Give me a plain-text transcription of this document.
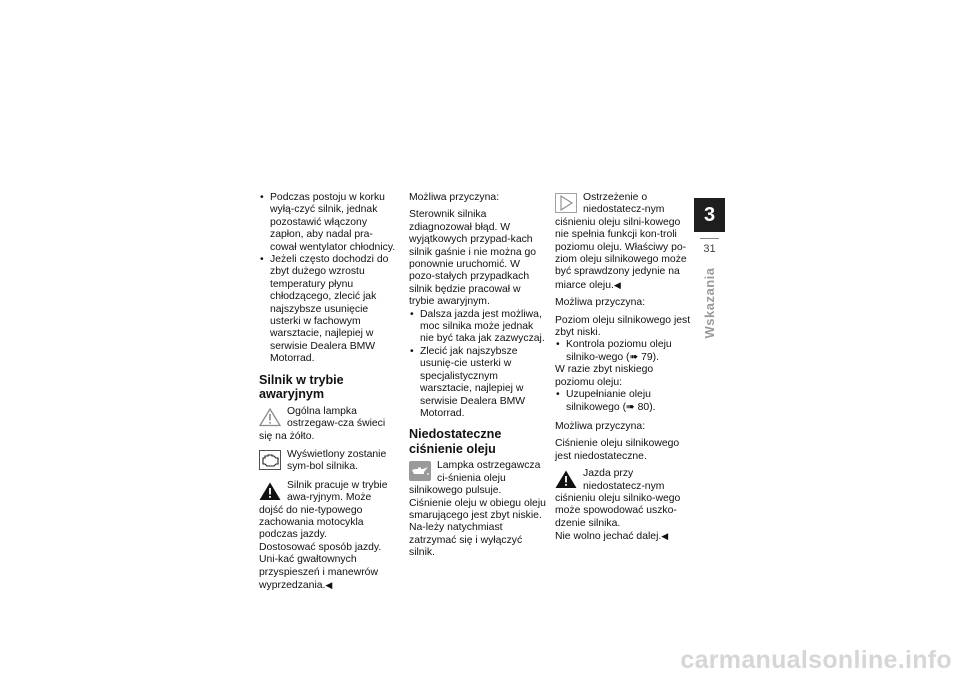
• Podczas postoju w korku wyłą-czyć silnik, jednak pozostawić włączony zapłon, aby nadal pra-cował wentylator chłodnicy.
• Jeżeli często dochodzi do zbyt dużego wzrostu temperatury płynu chłodzącego, zlecić jak najszybsze usunięcie usterki w fachowym warsztacie, najlepiej w serwisie Dealera BMW Motorrad.
Silnik w trybie awaryjnym
Ogólna lampka ostrzegaw-cza świeci się na żółto.
Wyświetlony zostanie sym-bol silnika.
Silnik pracuje w trybie awa-ryjnym. Może dojść do nie-typowego zachowania motocykla podczas jazdy.

Dostosować sposób jazdy. Uni-kać gwałtownych przyspieszeń i manewrów wyprzedzania.◀

Możliwa przyczyna:

Sterownik silnika zdiagnozował błąd. W wyjątkowych przypad-kach silnik gaśnie i nie można go ponownie uruchomić. W pozo-stałych przypadkach silnik będzie pracował w trybie awaryjnym.

• Dalsza jazda jest możliwa, moc silnika może jednak nie być taka jak zazwyczaj.
• Zlecić jak najszybsze usunię-cie usterki w specjalistycznym warsztacie, najlepiej w serwisie Dealera BMW Motorrad.
Niedostateczne ciśnienie oleju
Lampka ostrzegawcza ci-śnienia oleju silnikowego pulsuje.

Ciśnienie oleju w obiegu oleju smarującego jest zbyt niskie. Na-leży natychmiast zatrzymać się i wyłączyć silnik.

Ostrzeżenie o niedostatecz-nym ciśnieniu oleju silni-kowego nie spełnia funkcji kon-troli poziomu oleju. Właściwy po-ziom oleju silnikowego może być sprawdzony jedynie na miarce oleju.◀

Możliwa przyczyna:

Poziom oleju silnikowego jest zbyt niski.

• Kontrola poziomu oleju silniko-wego (➠ 79).

W razie zbyt niskiego poziomu oleju:

• Uzupełnianie oleju silnikowego (➠ 80).

Możliwa przyczyna:

Ciśnienie oleju silnikowego jest niedostateczne.

Jazda przy niedostatecz-nym ciśnieniu oleju silniko-wego może spowodować uszko-dzenie silnika.

Nie wolno jechać dalej.◀

3
31
Wskazania
carmanualsonline.info
